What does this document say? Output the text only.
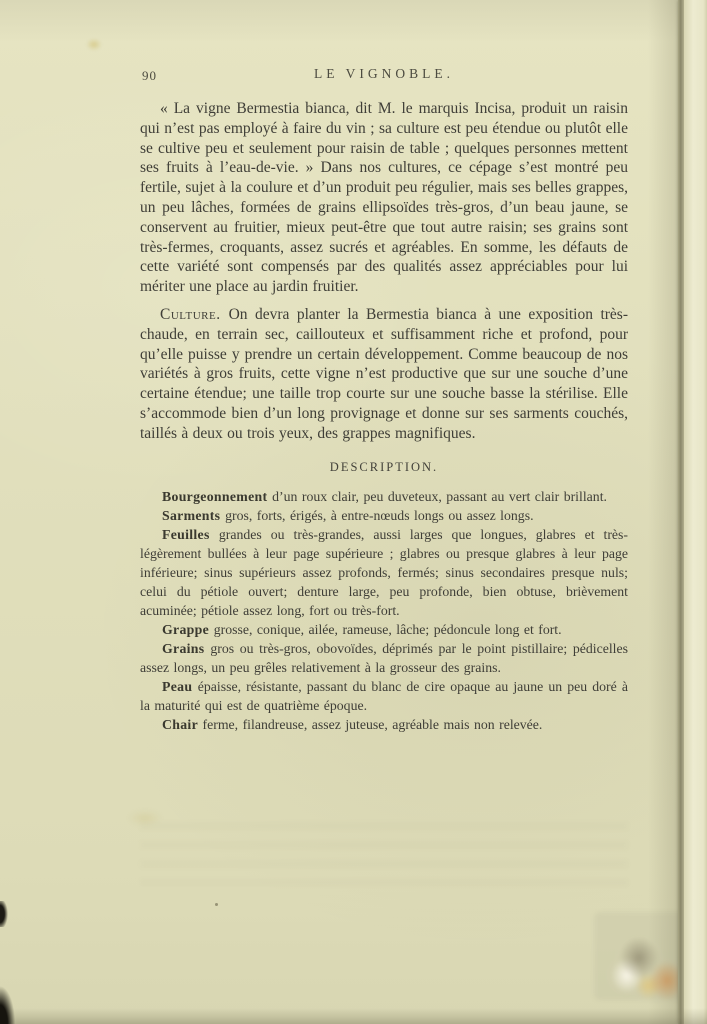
90	LE VIGNOBLE.
« La vigne Bermestia bianca, dit M. le marquis Incisa, produit un raisin qui n’est pas employé à faire du vin ; sa culture est peu étendue ou plutôt elle se cultive peu et seulement pour raisin de table ; quelques personnes mettent ses fruits à l’eau-de-vie. » Dans nos cultures, ce cépage s’est montré peu fertile, sujet à la coulure et d’un produit peu régulier, mais ses belles grappes, un peu lâches, formées de grains ellipsoïdes très-gros, d’un beau jaune, se conservent au fruitier, mieux peut-être que tout autre raisin; ses grains sont très-fermes, croquants, assez sucrés et agréables. En somme, les défauts de cette variété sont compensés par des qualités assez appréciables pour lui mériter une place au jardin fruitier.
Culture. On devra planter la Bermestia bianca à une exposition très-chaude, en terrain sec, caillouteux et suffisamment riche et profond, pour qu’elle puisse y prendre un certain développement. Comme beaucoup de nos variétés à gros fruits, cette vigne n’est productive que sur une souche d’une certaine étendue; une taille trop courte sur une souche basse la stérilise. Elle s’accommode bien d’un long provignage et donne sur ses sarments couchés, taillés à deux ou trois yeux, des grappes magnifiques.
DESCRIPTION.
Bourgeonnement d’un roux clair, peu duveteux, passant au vert clair brillant.
Sarments gros, forts, érigés, à entre-nœuds longs ou assez longs.
Feuilles grandes ou très-grandes, aussi larges que longues, glabres et très-légèrement bullées à leur page supérieure ; glabres ou presque glabres à leur page inférieure; sinus supérieurs assez profonds, fermés; sinus secondaires presque nuls; celui du pétiole ouvert; denture large, peu profonde, bien obtuse, brièvement acuminée; pétiole assez long, fort ou très-fort.
Grappe grosse, conique, ailée, rameuse, lâche; pédoncule long et fort.
Grains gros ou très-gros, obovoïdes, déprimés par le point pistillaire; pédicelles assez longs, un peu grêles relativement à la grosseur des grains.
Peau épaisse, résistante, passant du blanc de cire opaque au jaune un peu doré à la maturité qui est de quatrième époque.
Chair ferme, filandreuse, assez juteuse, agréable mais non relevée.
